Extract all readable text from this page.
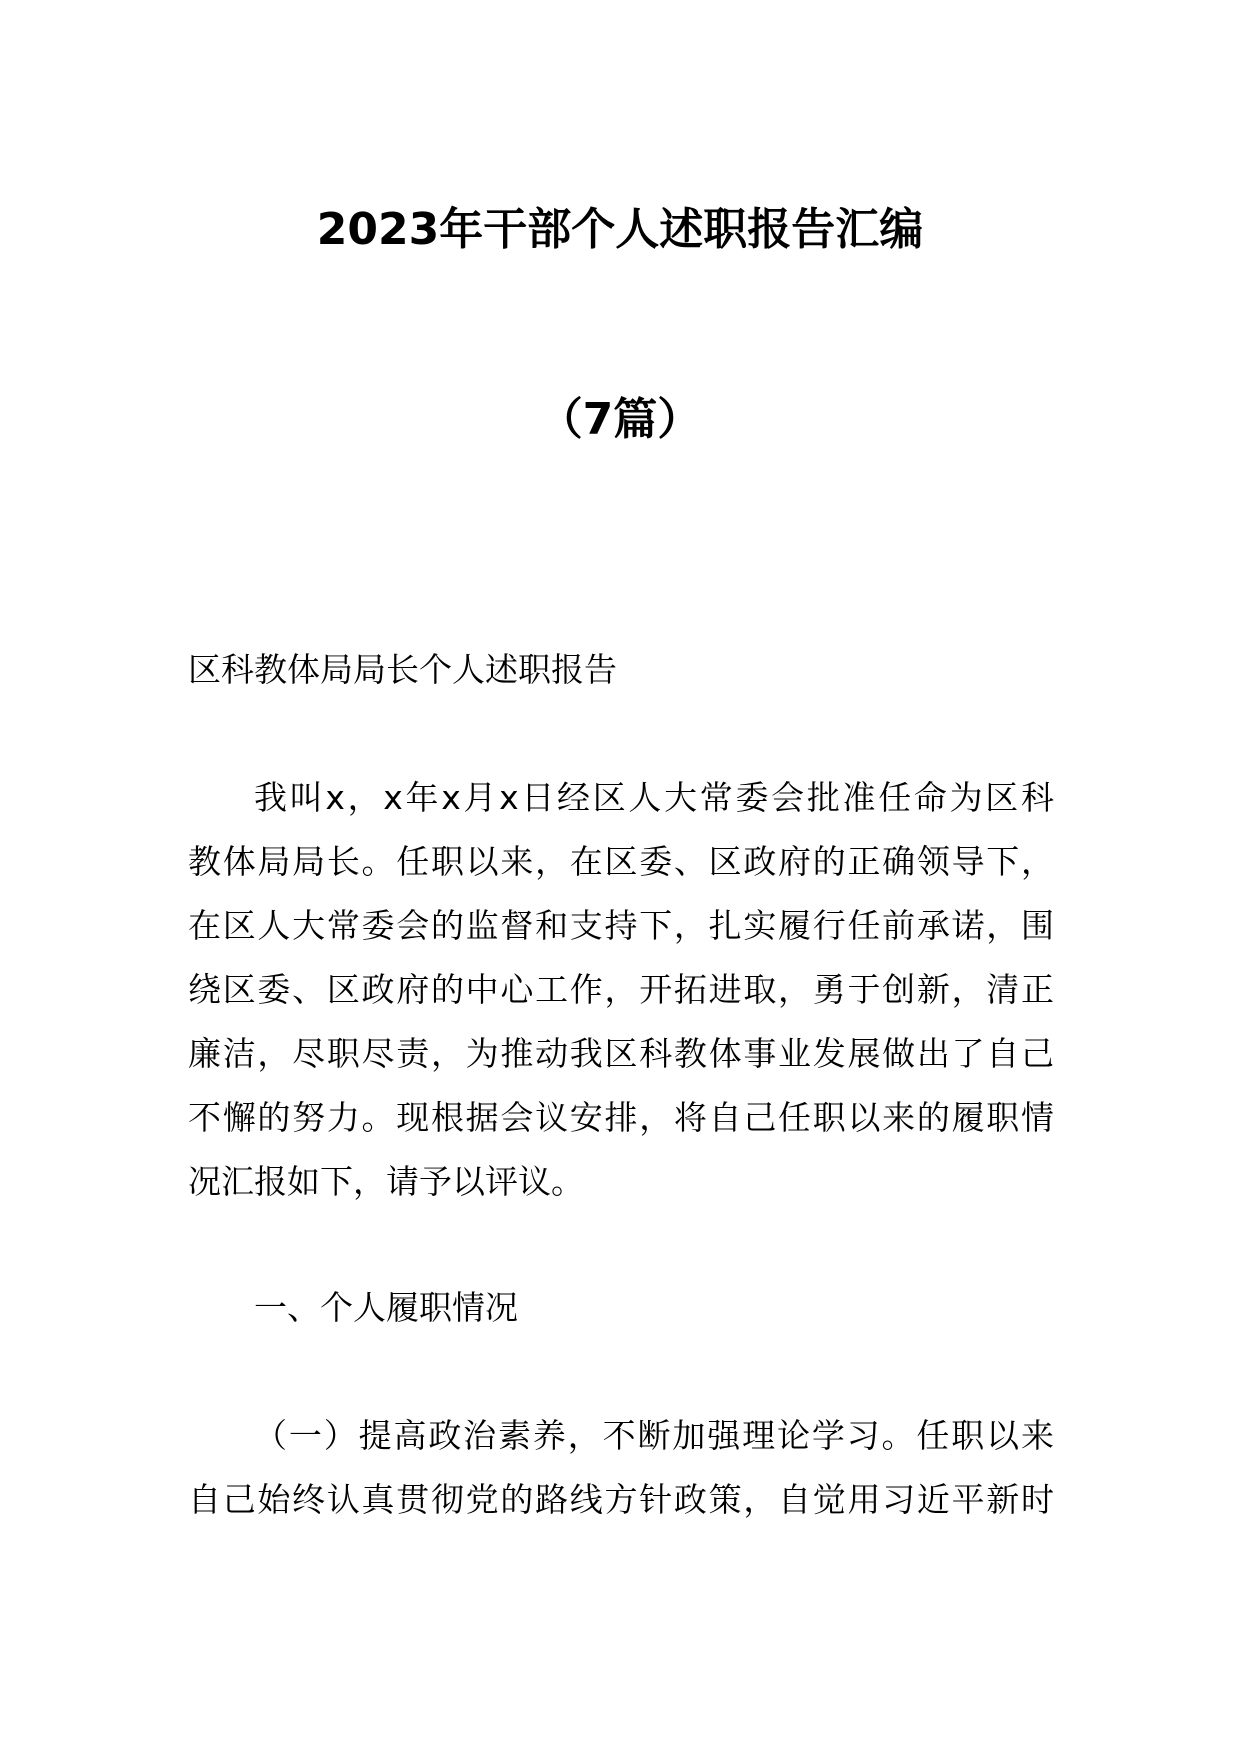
2023年干部个人述职报告汇编
（7篇）
区科教体局局长个人述职报告
我叫x，x年x月x日经区人大常委会批准任命为区科
教体局局长。任职以来，在区委、区政府的正确领导下，
在区人大常委会的监督和支持下，扎实履行任前承诺，围
绕区委、区政府的中心工作，开拓进取，勇于创新，清正
廉洁，尽职尽责，为推动我区科教体事业发展做出了自己
不懈的努力。现根据会议安排，将自己任职以来的履职情
况汇报如下，请予以评议。
一、个人履职情况
（一）提高政治素养，不断加强理论学习。任职以来
自己始终认真贯彻党的路线方针政策，自觉用习近平新时
